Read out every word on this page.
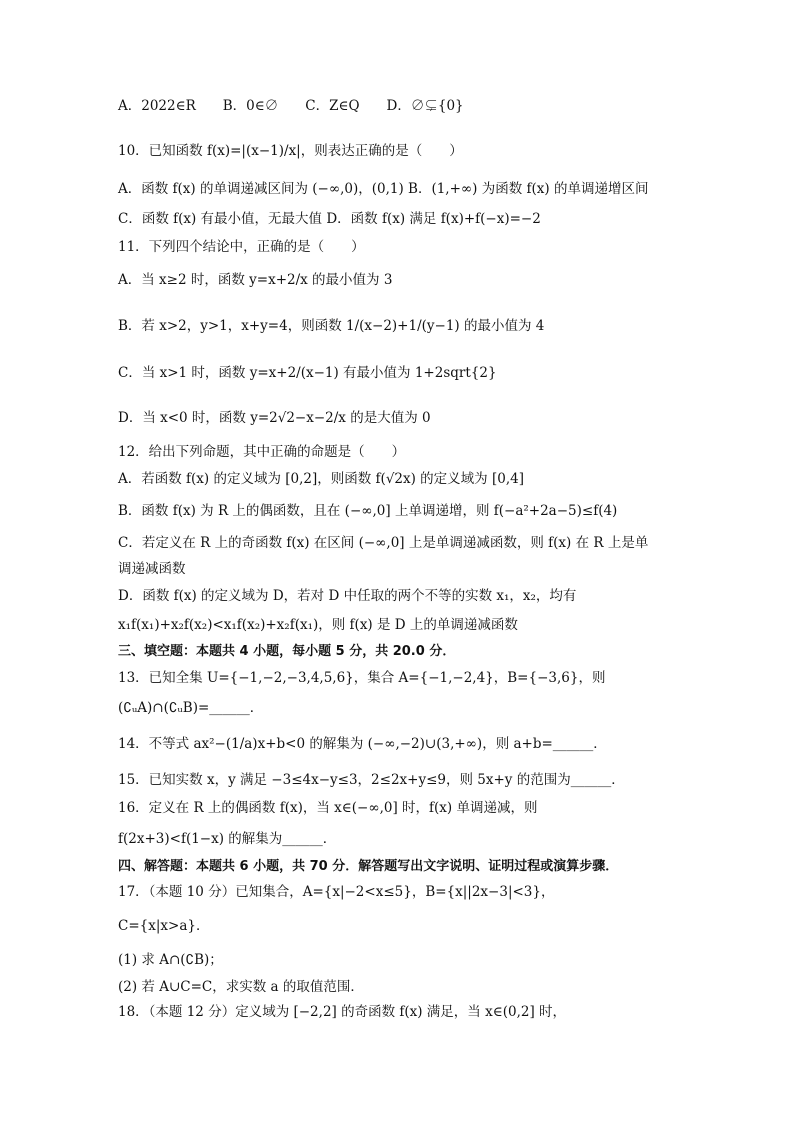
A．2022∈R　　B．0∈∅　　C．Z∈Q　　D．∅⊊{0}
10．已知函数 f(x)=|(x−1)/x|，则表达正确的是（　　）
A．函数 f(x) 的单调递减区间为 (−∞,0)，(0,1) B．(1,+∞) 为函数 f(x) 的单调递增区间
C．函数 f(x) 有最小值，无最大值 D．函数 f(x) 满足 f(x)+f(−x)=−2
11．下列四个结论中，正确的是（　　）
A．当 x≥2 时，函数 y=x+2/x 的最小值为 3
B．若 x>2，y>1，x+y=4，则函数 1/(x−2)+1/(y−1) 的最小值为 4
C．当 x>1 时，函数 y=x+2/(x−1) 有最小值为 1+2sqrt{2}
D．当 x<0 时，函数 y=2√2−x−2/x 的是大值为 0
12．给出下列命题，其中正确的命题是（　　）
A．若函数 f(x) 的定义域为 [0,2]，则函数 f(√2x) 的定义域为 [0,4]
B．函数 f(x) 为 R 上的偶函数，且在 (−∞,0] 上单调递增，则 f(−a²+2a−5)≤f(4)
C．若定义在 R 上的奇函数 f(x) 在区间 (−∞,0] 上是单调递减函数，则 f(x) 在 R 上是单
调递减函数
D．函数 f(x) 的定义域为 D，若对 D 中任取的两个不等的实数 x₁，x₂，均有
x₁f(x₁)+x₂f(x₂)<x₁f(x₂)+x₂f(x₁)，则 f(x) 是 D 上的单调递减函数
三、填空题：本题共 4 小题，每小题 5 分，共 20.0 分．
13．已知全集 U={−1,−2,−3,4,5,6}，集合 A={−1,−2,4}，B={−3,6}，则
(∁ᵤA)∩(∁ᵤB)=______．
14．不等式 ax²−(1/a)x+b<0 的解集为 (−∞,−2)∪(3,+∞)，则 a+b=______．
15．已知实数 x，y 满足 −3≤4x−y≤3，2≤2x+y≤9，则 5x+y 的范围为______．
16．定义在 R 上的偶函数 f(x)，当 x∈(−∞,0] 时，f(x) 单调递减，则
f(2x+3)<f(1−x) 的解集为______．
四、解答题：本题共 6 小题，共 70 分．解答题写出文字说明、证明过程或演算步骤．
17．（本题 10 分）已知集合，A={x|−2<x≤5}，B={x||2x−3|<3}，
C={x|x>a}．
(1) 求 A∩(∁B)；
(2) 若 A∪C=C，求实数 a 的取值范围．
18．（本题 12 分）定义域为 [−2,2] 的奇函数 f(x) 满足，当 x∈(0,2] 时，
